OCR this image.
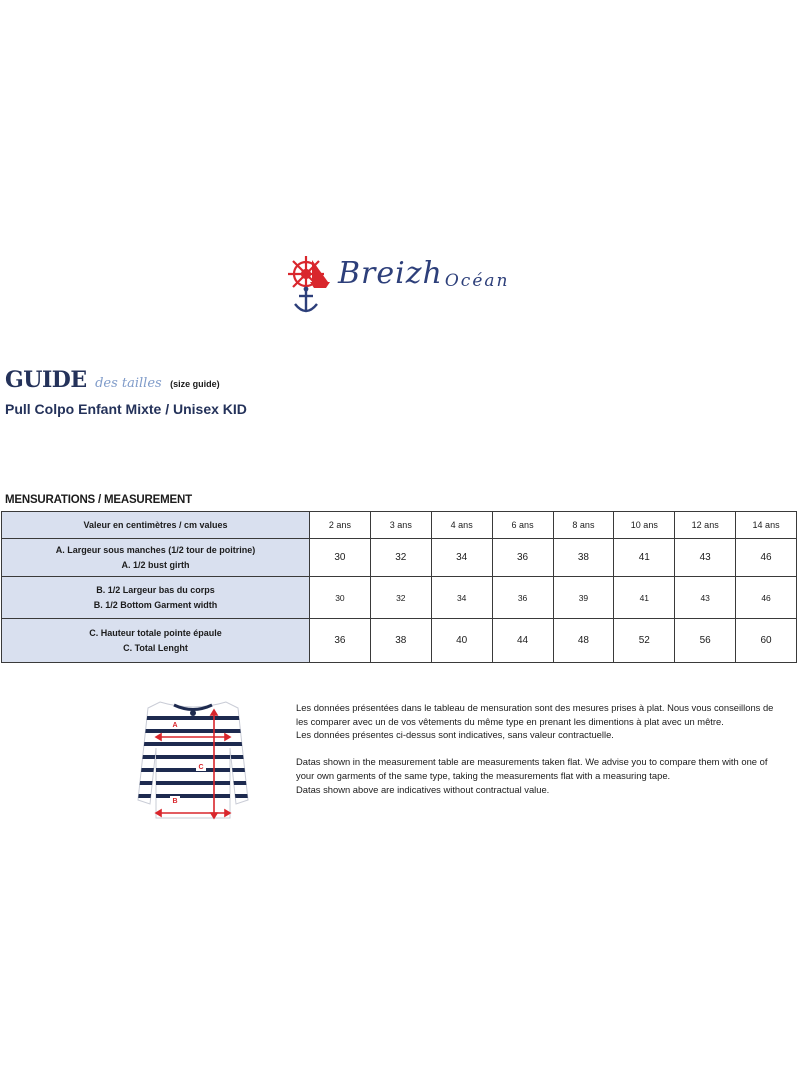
Breizh Océan

GUIDE des tailles (size guide)
Pull Colpo Enfant Mixte / Unisex KID
MENSURATIONS / MEASUREMENT
Valeur en centimètres / cm values	2 ans	3 ans	4 ans	6 ans	8 ans	10 ans	12 ans	14 ans

A. Largeur sous manches (1/2 tour de poitrine)
A. 1/2 bust girth	30	32	34	36	38	41	43	46

B. 1/2 Largeur bas du corps
B. 1/2 Bottom Garment width	30	32	34	36	39	41	43	46

C. Hauteur totale pointe épaule
C. Total Lenght	36	38	40	44	48	52	56	60
A
C
B

Les données présentées dans le tableau de mensuration sont des mesures prises à plat. Nous vous conseillons de les comparer avec un de vos vêtements du même type en prenant les dimentions à plat avec un mêtre.

Les données présentes ci-dessus sont indicatives, sans valeur contractuelle.

Datas shown in the measurement table are measurements taken flat. We advise you to compare them with one of your own garments of the same type, taking the measurements flat with a measuring tape.

Datas shown above are indicatives without contractual value.
